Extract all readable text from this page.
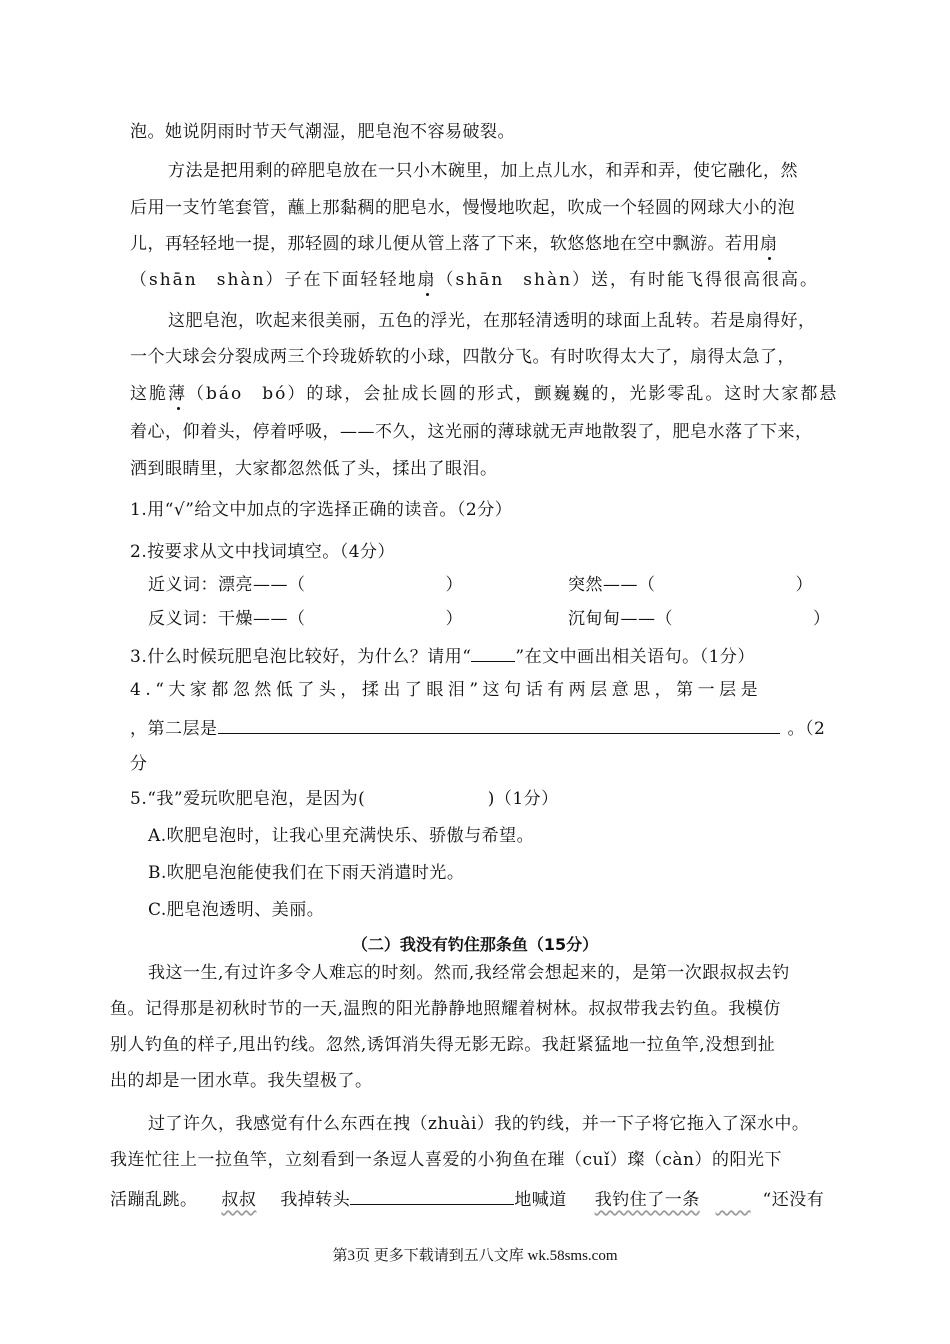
泡。她说阴雨时节天气潮湿，肥皂泡不容易破裂。
方法是把用剩的碎肥皂放在一只小木碗里，加上点儿水，和弄和弄，使它融化，然
后用一支竹笔套管，蘸上那黏稠的肥皂水，慢慢地吹起，吹成一个轻圆的网球大小的泡
儿，再轻轻地一提，那轻圆的球儿便从管上落了下来，软悠悠地在空中飘游。若用扇
（shān　shàn）子在下面轻轻地扇（shān　shàn）送，有时能飞得很高很高。
这肥皂泡，吹起来很美丽，五色的浮光，在那轻清透明的球面上乱转。若是扇得好，
一个大球会分裂成两三个玲珑娇软的小球，四散分飞。有时吹得太大了，扇得太急了，
这脆薄（báo　bó）的球，会扯成长圆的形式，颤巍巍的，光影零乱。这时大家都悬
着心，仰着头，停着呼吸，——不久，这光丽的薄球就无声地散裂了，肥皂水落了下来，
洒到眼睛里，大家都忽然低了头，揉出了眼泪。
1.用“√”给文中加点的字选择正确的读音。（2分）
2.按要求从文中找词填空。（4分）
近义词：漂亮——（　　　　　　　　）	突然——（　　　　　　　　）
反义词：干燥——（　　　　　　　　）	沉甸甸——（　　　　　　　　）
3.什么时候玩肥皂泡比较好，为什么？请用“	”在文中画出相关语句。（1分）
4.“大家都忽然低了头，揉出了眼泪”这句话有两层意思，第一层是
，第二层是	。（2
分
5.“我”爱玩吹肥皂泡，是因为(　　　　　　　)（1分）
A.吹肥皂泡时，让我心里充满快乐、骄傲与希望。
B.吹肥皂泡能使我们在下雨天消遣时光。
C.肥皂泡透明、美丽。
（二）我没有钓住那条鱼（15分）
我这一生,有过许多令人难忘的时刻。然而,我经常会想起来的，是第一次跟叔叔去钓
鱼。记得那是初秋时节的一天,温煦的阳光静静地照耀着树林。叔叔带我去钓鱼。我模仿
别人钓鱼的样子,甩出钓线。忽然,诱饵消失得无影无踪。我赶紧猛地一拉鱼竿,没想到扯
出的却是一团水草。我失望极了。
过了许久，我感觉有什么东西在拽（zhuài）我的钓线，并一下子将它拖入了深水中。
我连忙往上一拉鱼竿，立刻看到一条逗人喜爱的小狗鱼在璀（cuǐ）璨（càn）的阳光下
活蹦乱跳。 叔叔 我掉转头	地喊道 我钓住了一条 　　	“还没有
第3页 更多下载请到五八文库 wk.58sms.com
